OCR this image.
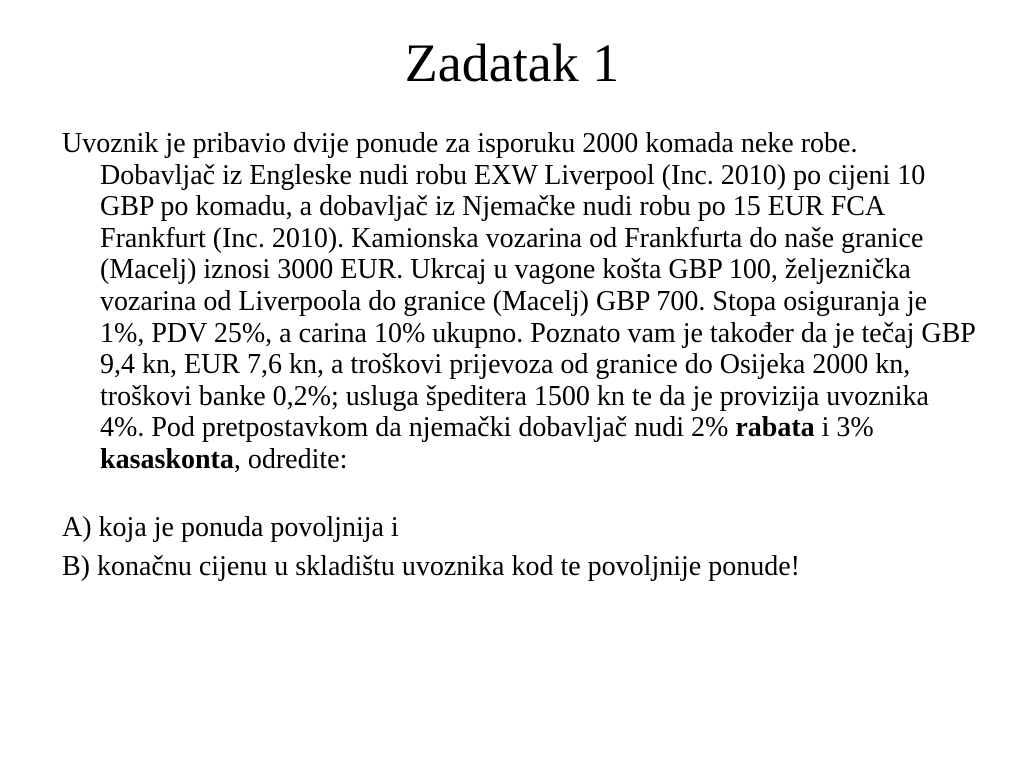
Zadatak 1

Uvoznik je pribavio dvije ponude za isporuku 2000 komada neke robe. Dobavljač iz Engleske nudi robu EXW Liverpool (Inc. 2010) po cijeni 10 GBP po komadu, a dobavljač iz Njemačke nudi robu po 15 EUR FCA Frankfurt (Inc. 2010). Kamionska vozarina od Frankfurta do naše granice (Macelj) iznosi 3000 EUR. Ukrcaj u vagone košta GBP 100, željeznička vozarina od Liverpoola do granice (Macelj) GBP 700. Stopa osiguranja je 1%, PDV 25%, a carina 10% ukupno. Poznato vam je također da je tečaj GBP 9,4 kn, EUR 7,6 kn, a troškovi prijevoza od granice do Osijeka 2000 kn, troškovi banke 0,2%; usluga špeditera 1500 kn te da je provizija uvoznika 4%. Pod pretpostavkom da njemački dobavljač nudi 2% rabata i 3% kasaskonta, odredite:

A) koja je ponuda povoljnija i

B) konačnu cijenu u skladištu uvoznika kod te povoljnije ponude!
